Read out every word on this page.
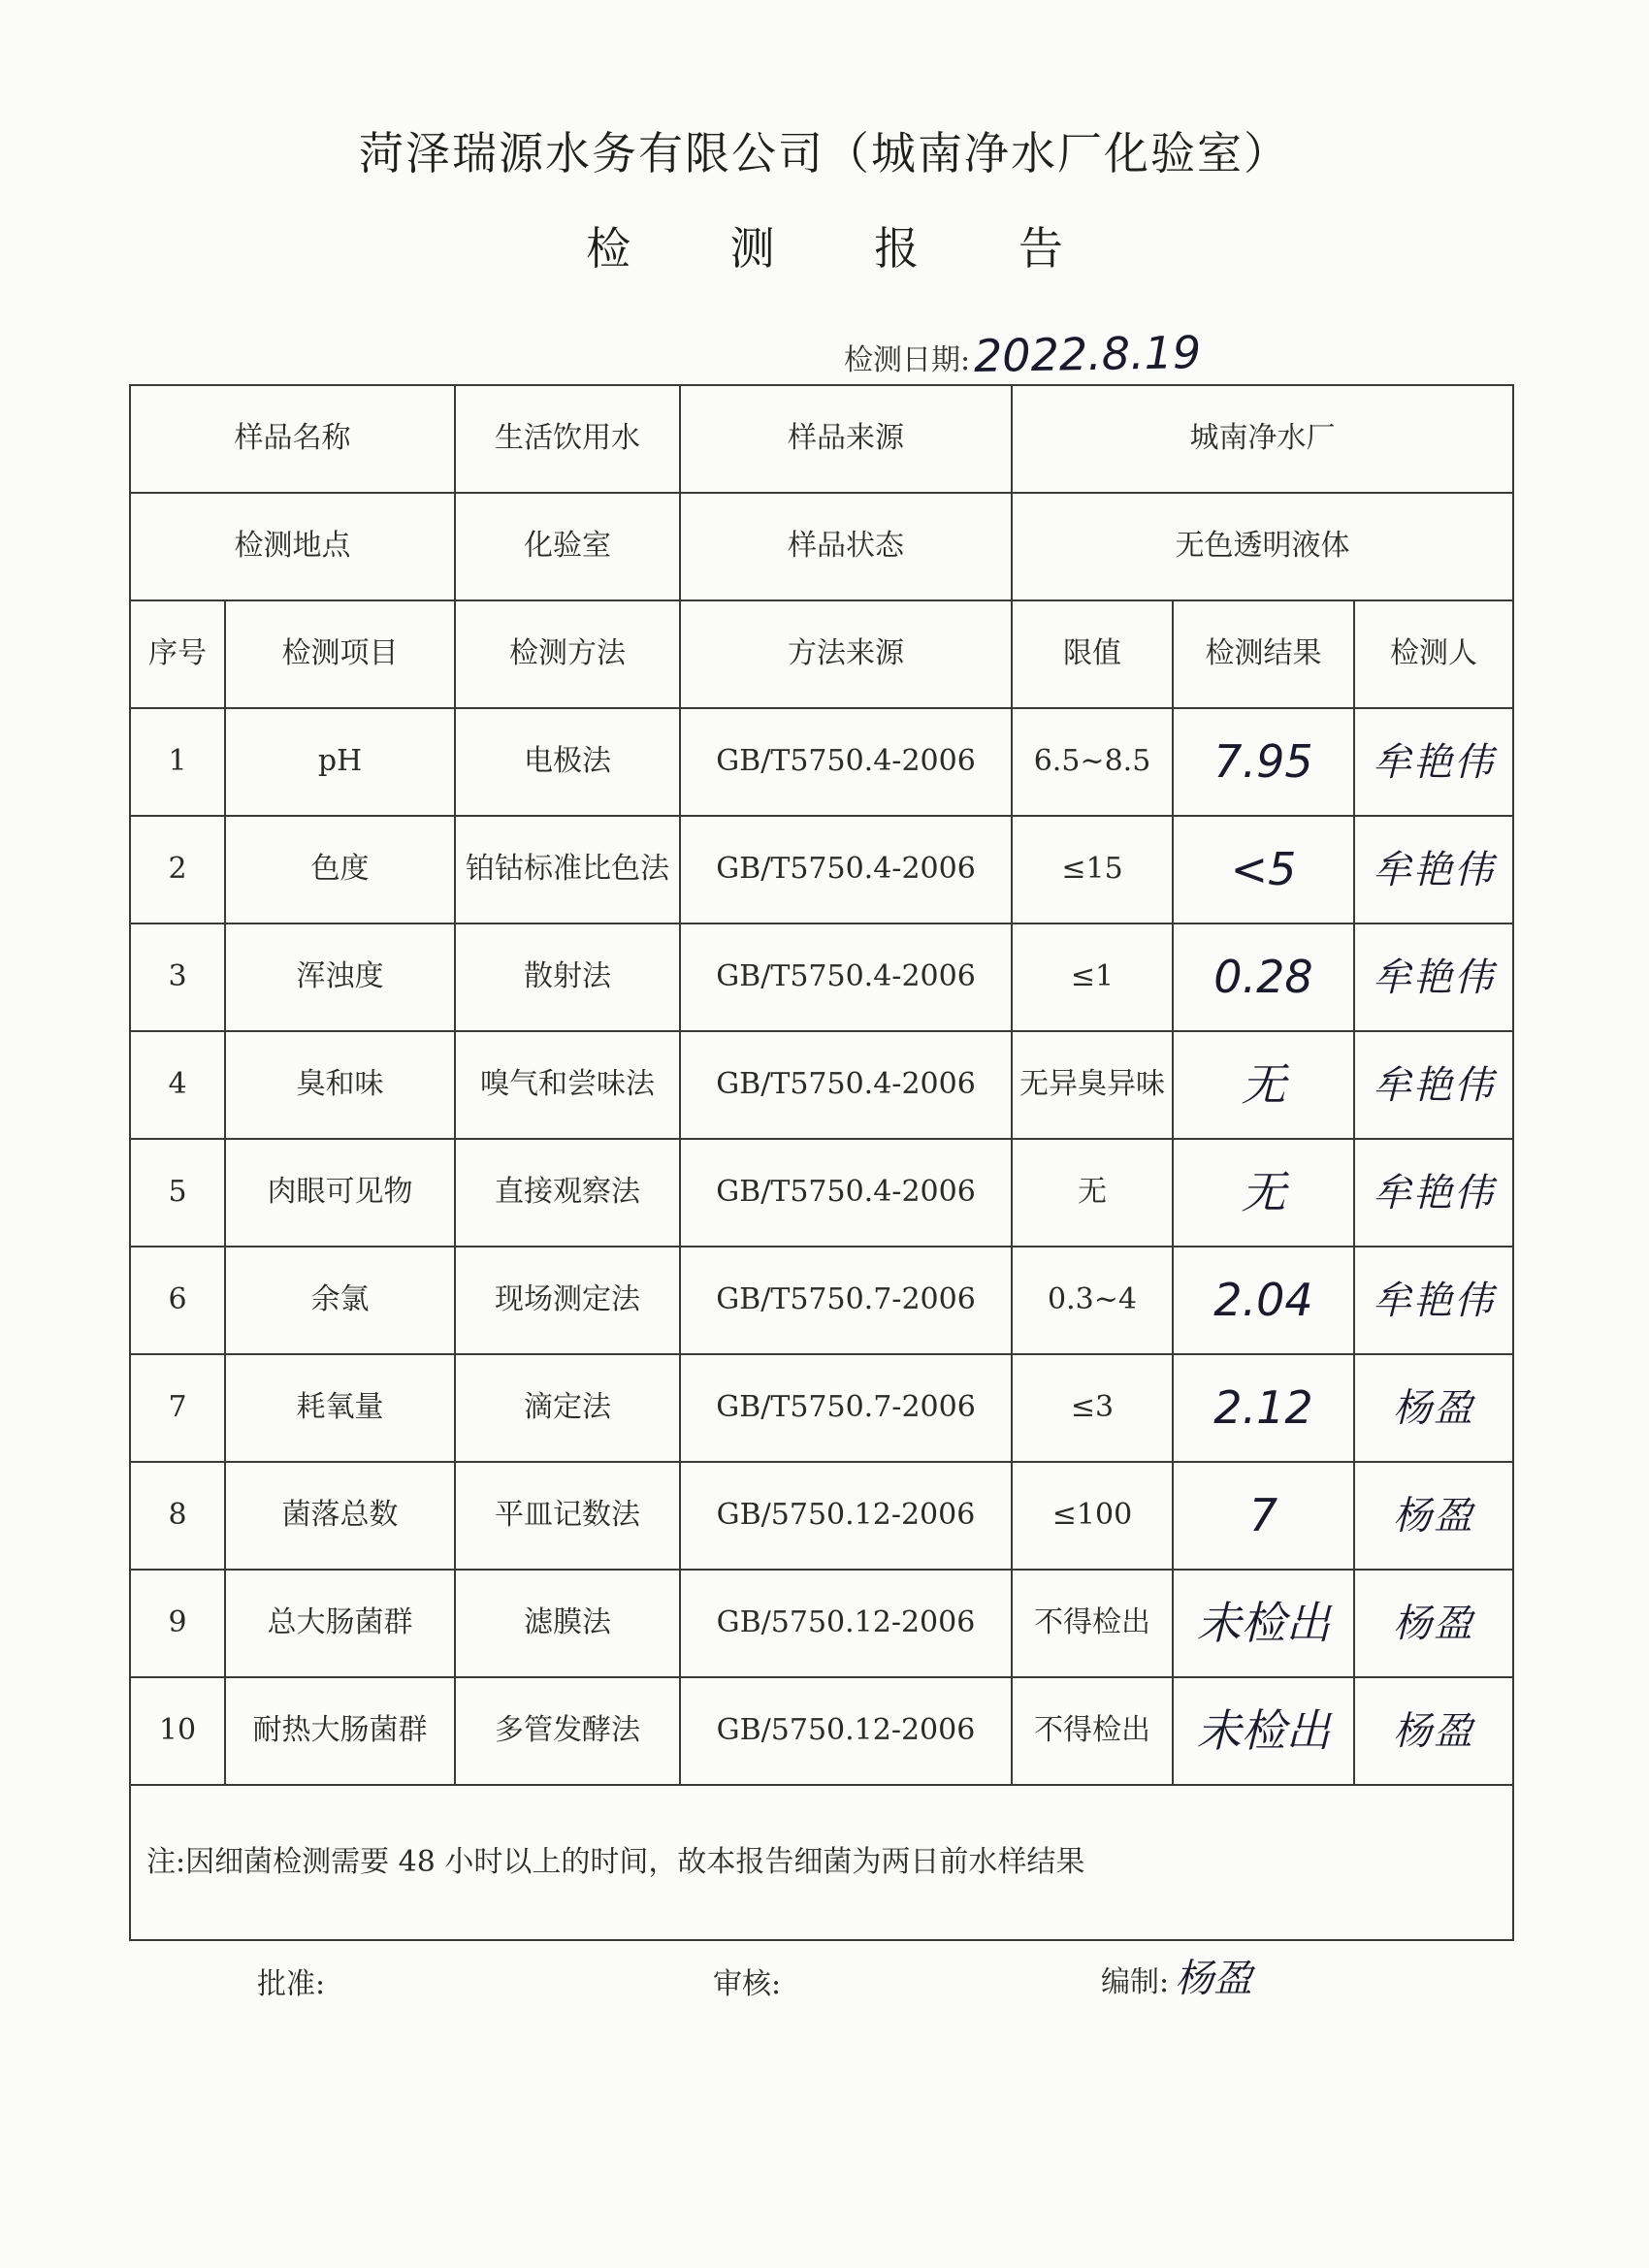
菏泽瑞源水务有限公司（城南净水厂化验室）
检 测 报 告
检测日期:2022.8.19
样品名称		生活饮用水	样品来源	城南净水厂		
检测地点		化验室	样品状态	无色透明液体		
序号	检测项目	检测方法	方法来源	限值	检测结果	检测人
1	pH	电极法	GB/T5750.4-2006	6.5~8.5	7.95	牟艳伟
2	色度	铂钴标准比色法	GB/T5750.4-2006	≤15	<5	牟艳伟
3	浑浊度	散射法	GB/T5750.4-2006	≤1	0.28	牟艳伟
4	臭和味	嗅气和尝味法	GB/T5750.4-2006	无异臭异味	无	牟艳伟
5	肉眼可见物	直接观察法	GB/T5750.4-2006	无	无	牟艳伟
6	余氯	现场测定法	GB/T5750.7-2006	0.3~4	2.04	牟艳伟
7	耗氧量	滴定法	GB/T5750.7-2006	≤3	2.12	杨盈
8	菌落总数	平皿记数法	GB/5750.12-2006	≤100	7	杨盈
9	总大肠菌群	滤膜法	GB/5750.12-2006	不得检出	未检出	杨盈
10	耐热大肠菌群	多管发酵法	GB/5750.12-2006	不得检出	未检出	杨盈
注:因细菌检测需要 48 小时以上的时间，故本报告细菌为两日前水样结果						
批准:	审核:	编制: 杨盈
